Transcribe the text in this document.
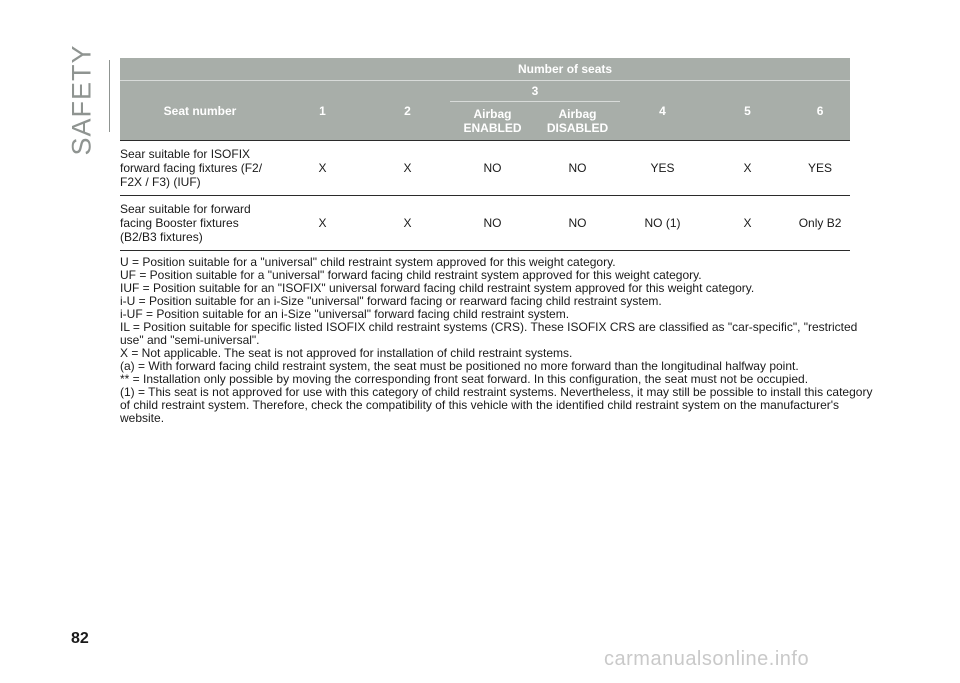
SAFETY
		Number of seats						
Seat number	1	2	3		4	5	6
			Airbag ENABLED	Airbag DISABLED			
Sear suitable for ISOFIX forward facing fixtures (F2/ F2X / F3) (IUF)	X	X	NO	NO	YES	X	YES
Sear suitable for forward facing Booster fixtures (B2/B3 fixtures)	X	X	NO	NO	NO (1)	X	Only B2

U = Position suitable for a "universal" child restraint system approved for this weight category.

UF = Position suitable for a "universal" forward facing child restraint system approved for this weight category.

IUF = Position suitable for an "ISOFIX" universal forward facing child restraint system approved for this weight category.

i-U = Position suitable for an i-Size "universal" forward facing or rearward facing child restraint system.

i-UF = Position suitable for an i-Size "universal" forward facing child restraint system.

IL = Position suitable for specific listed ISOFIX child restraint systems (CRS). These ISOFIX CRS are classified as "car-specific", "restricted use" and "semi-universal".

X = Not applicable. The seat is not approved for installation of child restraint systems.

(a) = With forward facing child restraint system, the seat must be positioned no more forward than the longitudinal halfway point.

** = Installation only possible by moving the corresponding front seat forward. In this configuration, the seat must not be occupied.

(1) = This seat is not approved for use with this category of child restraint systems. Nevertheless, it may still be possible to install this category of child restraint system. Therefore, check the compatibility of this vehicle with the identified child restraint system on the manufacturer's website.

82
carmanualsonline.info
